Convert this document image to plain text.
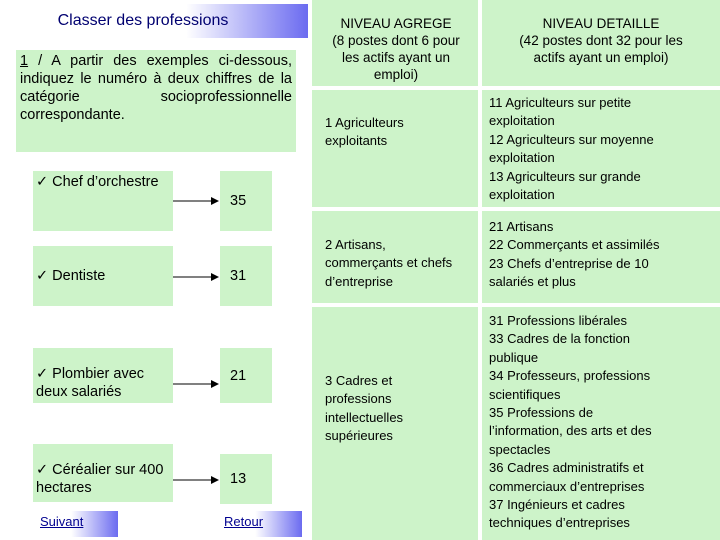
Classer des professions
1 / A partir des exemples ci-dessous, indiquez le numéro à deux chiffres de la catégorie socioprofessionnelle correspondante.
✓ Chef d’orchestre
35
✓ Dentiste	31
✓ Plombier avec deux salariés
21
✓ Céréalier sur 400 hectares
13
Suivant	Retour
NIVEAU AGREGE
(8 postes dont 6 pour
les actifs ayant un
emploi)
NIVEAU DETAILLE
(42 postes dont 32 pour les
actifs ayant un emploi)
1 Agriculteurs
exploitants
11 Agriculteurs sur petite
exploitation
12 Agriculteurs sur moyenne
exploitation
13 Agriculteurs sur grande
exploitation
2 Artisans,
commerçants et chefs
d’entreprise
21 Artisans
22 Commerçants et assimilés
23 Chefs d’entreprise de 10
salariés et plus
3 Cadres et
professions
intellectuelles
supérieures
31 Professions libérales
33 Cadres de la fonction
publique
34 Professeurs, professions
scientifiques
35 Professions de
l’information, des arts et des
spectacles
36 Cadres administratifs et
commerciaux d’entreprises
37 Ingénieurs et cadres
techniques d’entreprises
